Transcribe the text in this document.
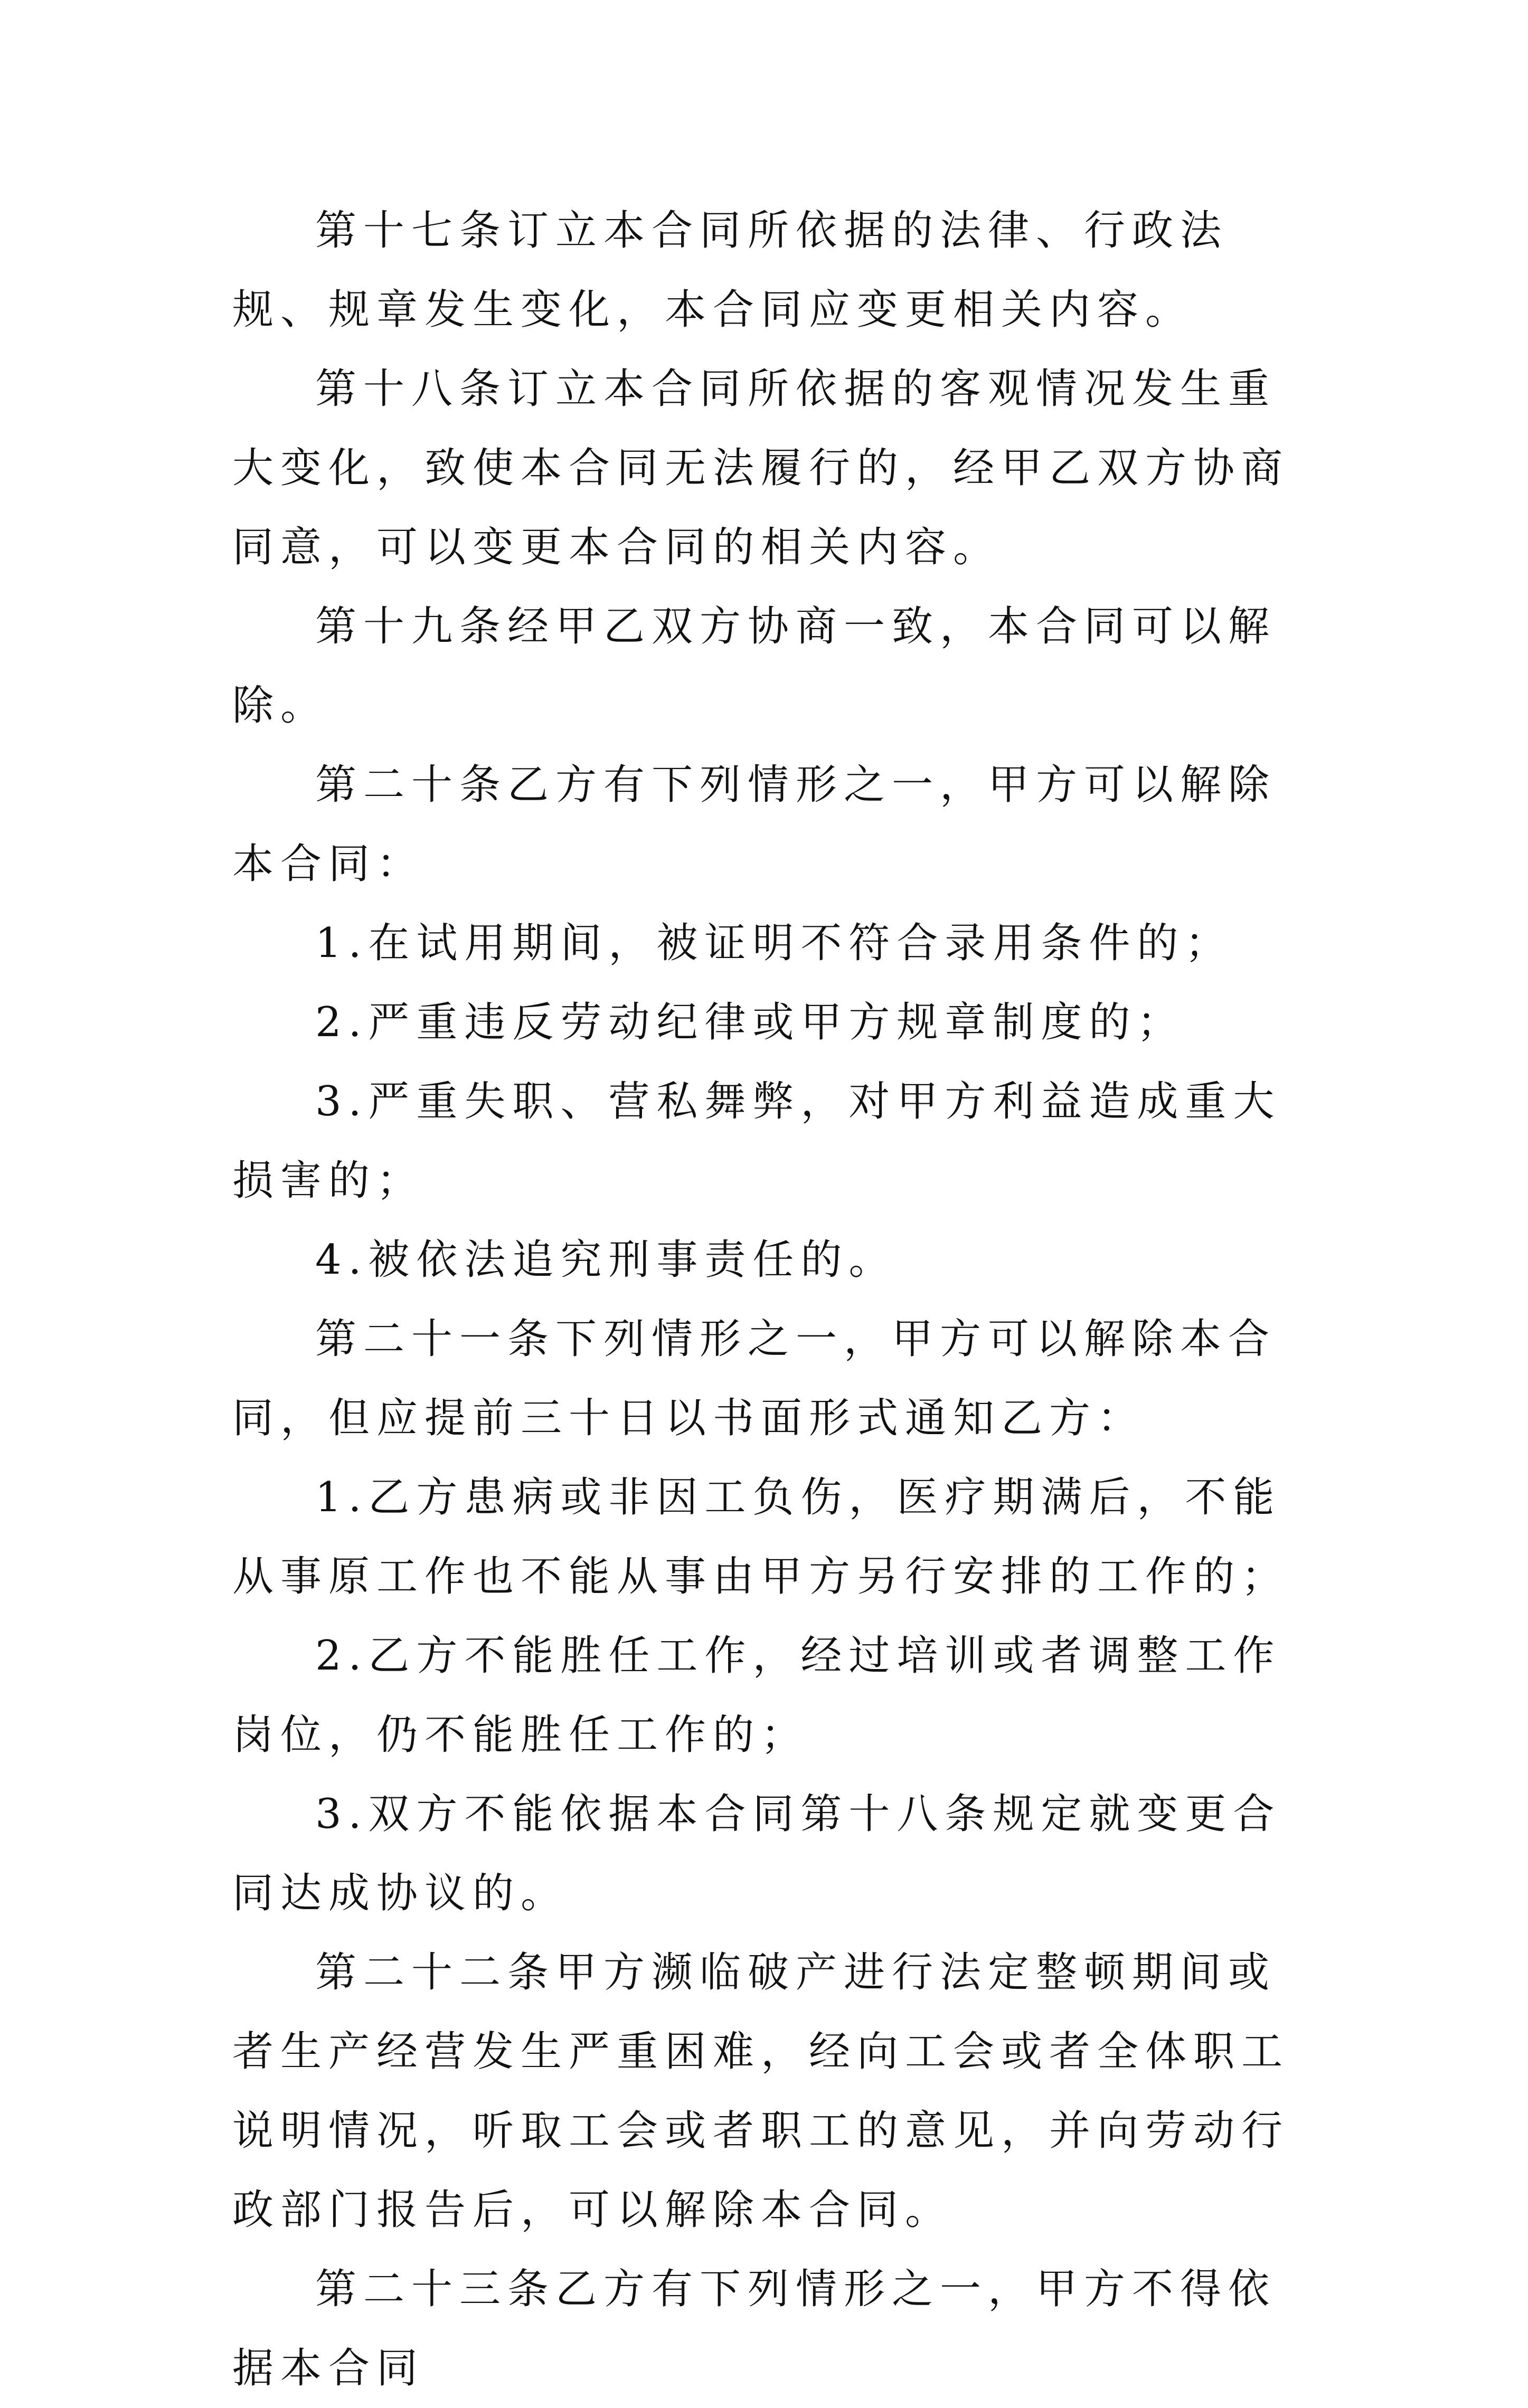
第十七条订立本合同所依据的法律、行政法规、规章发生变化，本合同应变更相关内容。

第十八条订立本合同所依据的客观情况发生重大变化，致使本合同无法履行的，经甲乙双方协商同意，可以变更本合同的相关内容。

第十九条经甲乙双方协商一致，本合同可以解除。

第二十条乙方有下列情形之一，甲方可以解除本合同：

1.在试用期间，被证明不符合录用条件的；

2.严重违反劳动纪律或甲方规章制度的；

3.严重失职、营私舞弊，对甲方利益造成重大损害的；

4.被依法追究刑事责任的。

第二十一条下列情形之一，甲方可以解除本合同，但应提前三十日以书面形式通知乙方：

1.乙方患病或非因工负伤，医疗期满后，不能从事原工作也不能从事由甲方另行安排的工作的；

2.乙方不能胜任工作，经过培训或者调整工作岗位，仍不能胜任工作的；

3.双方不能依据本合同第十八条规定就变更合同达成协议的。

第二十二条甲方濒临破产进行法定整顿期间或者生产经营发生严重困难，经向工会或者全体职工说明情况，听取工会或者职工的意见，并向劳动行政部门报告后，可以解除本合同。

第二十三条乙方有下列情形之一，甲方不得依据本合同
